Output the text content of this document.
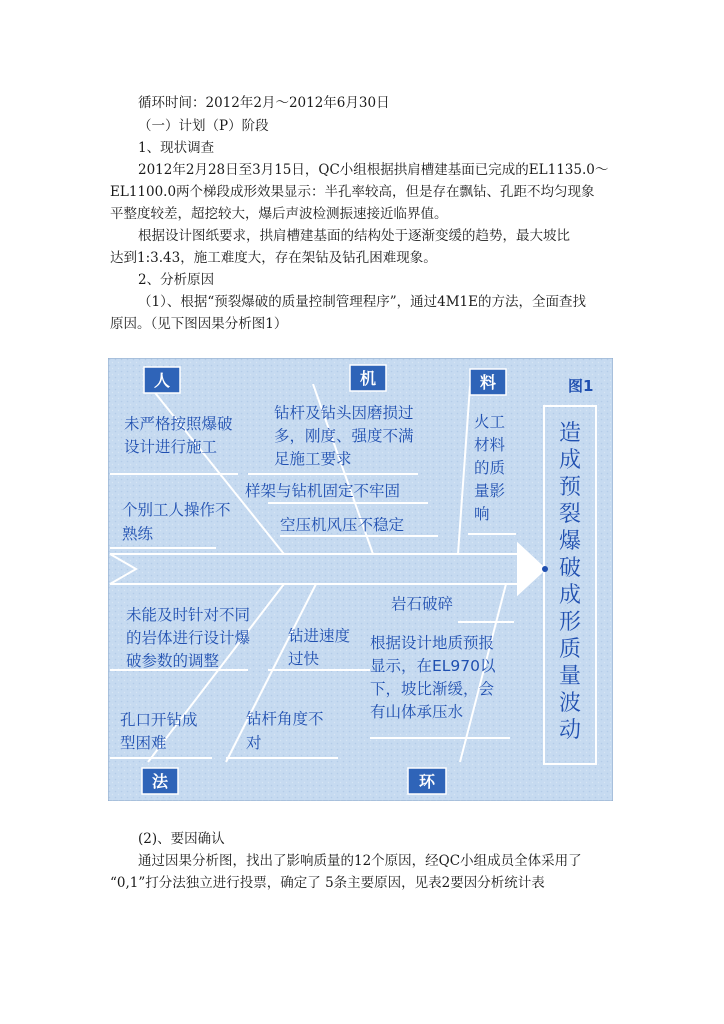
循环时间：2012年2月～2012年6月30日
（一）计划（P）阶段
1、现状调查
2012年2月28日至3月15日，QC小组根据拱肩槽建基面已完成的EL1135.0～
EL1100.0两个梯段成形效果显示：半孔率较高，但是存在飘钻、孔距不均匀现象
平整度较差，超挖较大，爆后声波检测振速接近临界值。
根据设计图纸要求，拱肩槽建基面的结构处于逐渐变缓的趋势，最大坡比
达到1:3.43，施工难度大，存在架钻及钻孔困难现象。
2、分析原因
（1）、根据“预裂爆破的质量控制管理程序”，通过4M1E的方法，全面查找
原因。（见下图因果分析图1）
人	机	料
法	环
图1
未严格按照爆破
设计进行施工
个别工人操作不
熟练
钻杆及钻头因磨损过
多，刚度、强度不满
足施工要求
样架与钻机固定不牢固
空压机风压不稳定
火工
材料
的质
量影
响
未能及时针对不同
的岩体进行设计爆
破参数的调整
钻进速度
过快
孔口开钻成
型困难
钻杆角度不
对
岩石破碎
根据设计地质预报
显示，在EL970以
下，坡比渐缓，会
有山体承压水
造成预裂爆破成形质量波动
(2)、要因确认
通过因果分析图，找出了影响质量的12个原因，经QC小组成员全体采用了
“0,1”打分法独立进行投票，确定了 5条主要原因，见表2要因分析统计表
